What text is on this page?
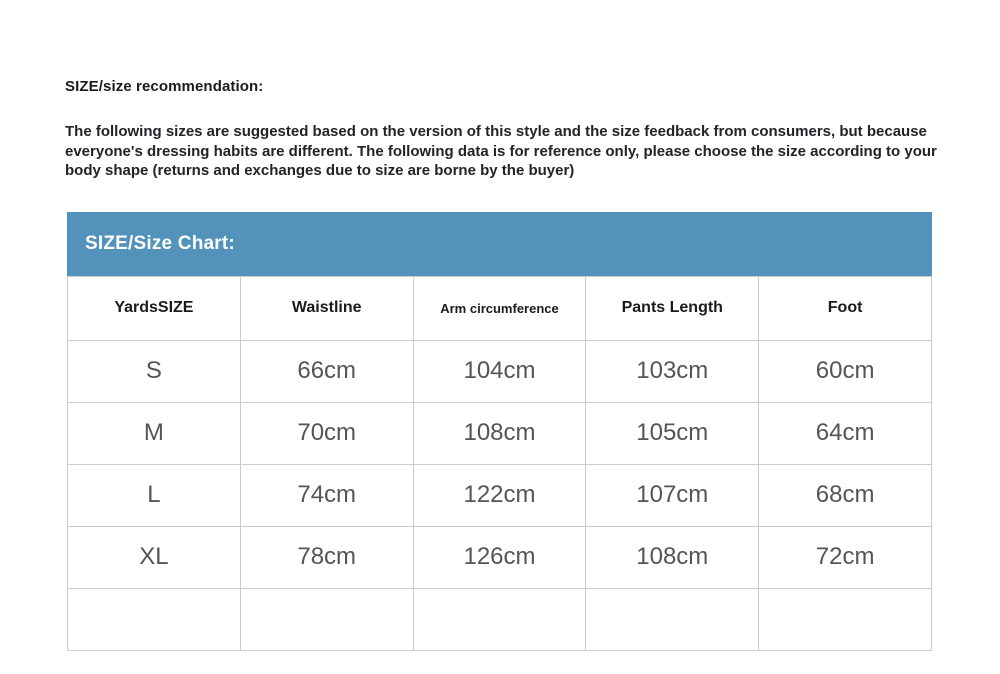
SIZE/size recommendation:
The following sizes are suggested based on the version of this style and the size feedback from consumers, but because everyone's dressing habits are different. The following data is for reference only, please choose the size according to your body shape (returns and exchanges due to size are borne by the buyer)
SIZE/Size Chart:
YardsSIZE	Waistline	Arm circumference	Pants Length	Foot
S	66cm	104cm	103cm	60cm
M	70cm	108cm	105cm	64cm
L	74cm	122cm	107cm	68cm
XL	78cm	126cm	108cm	72cm
